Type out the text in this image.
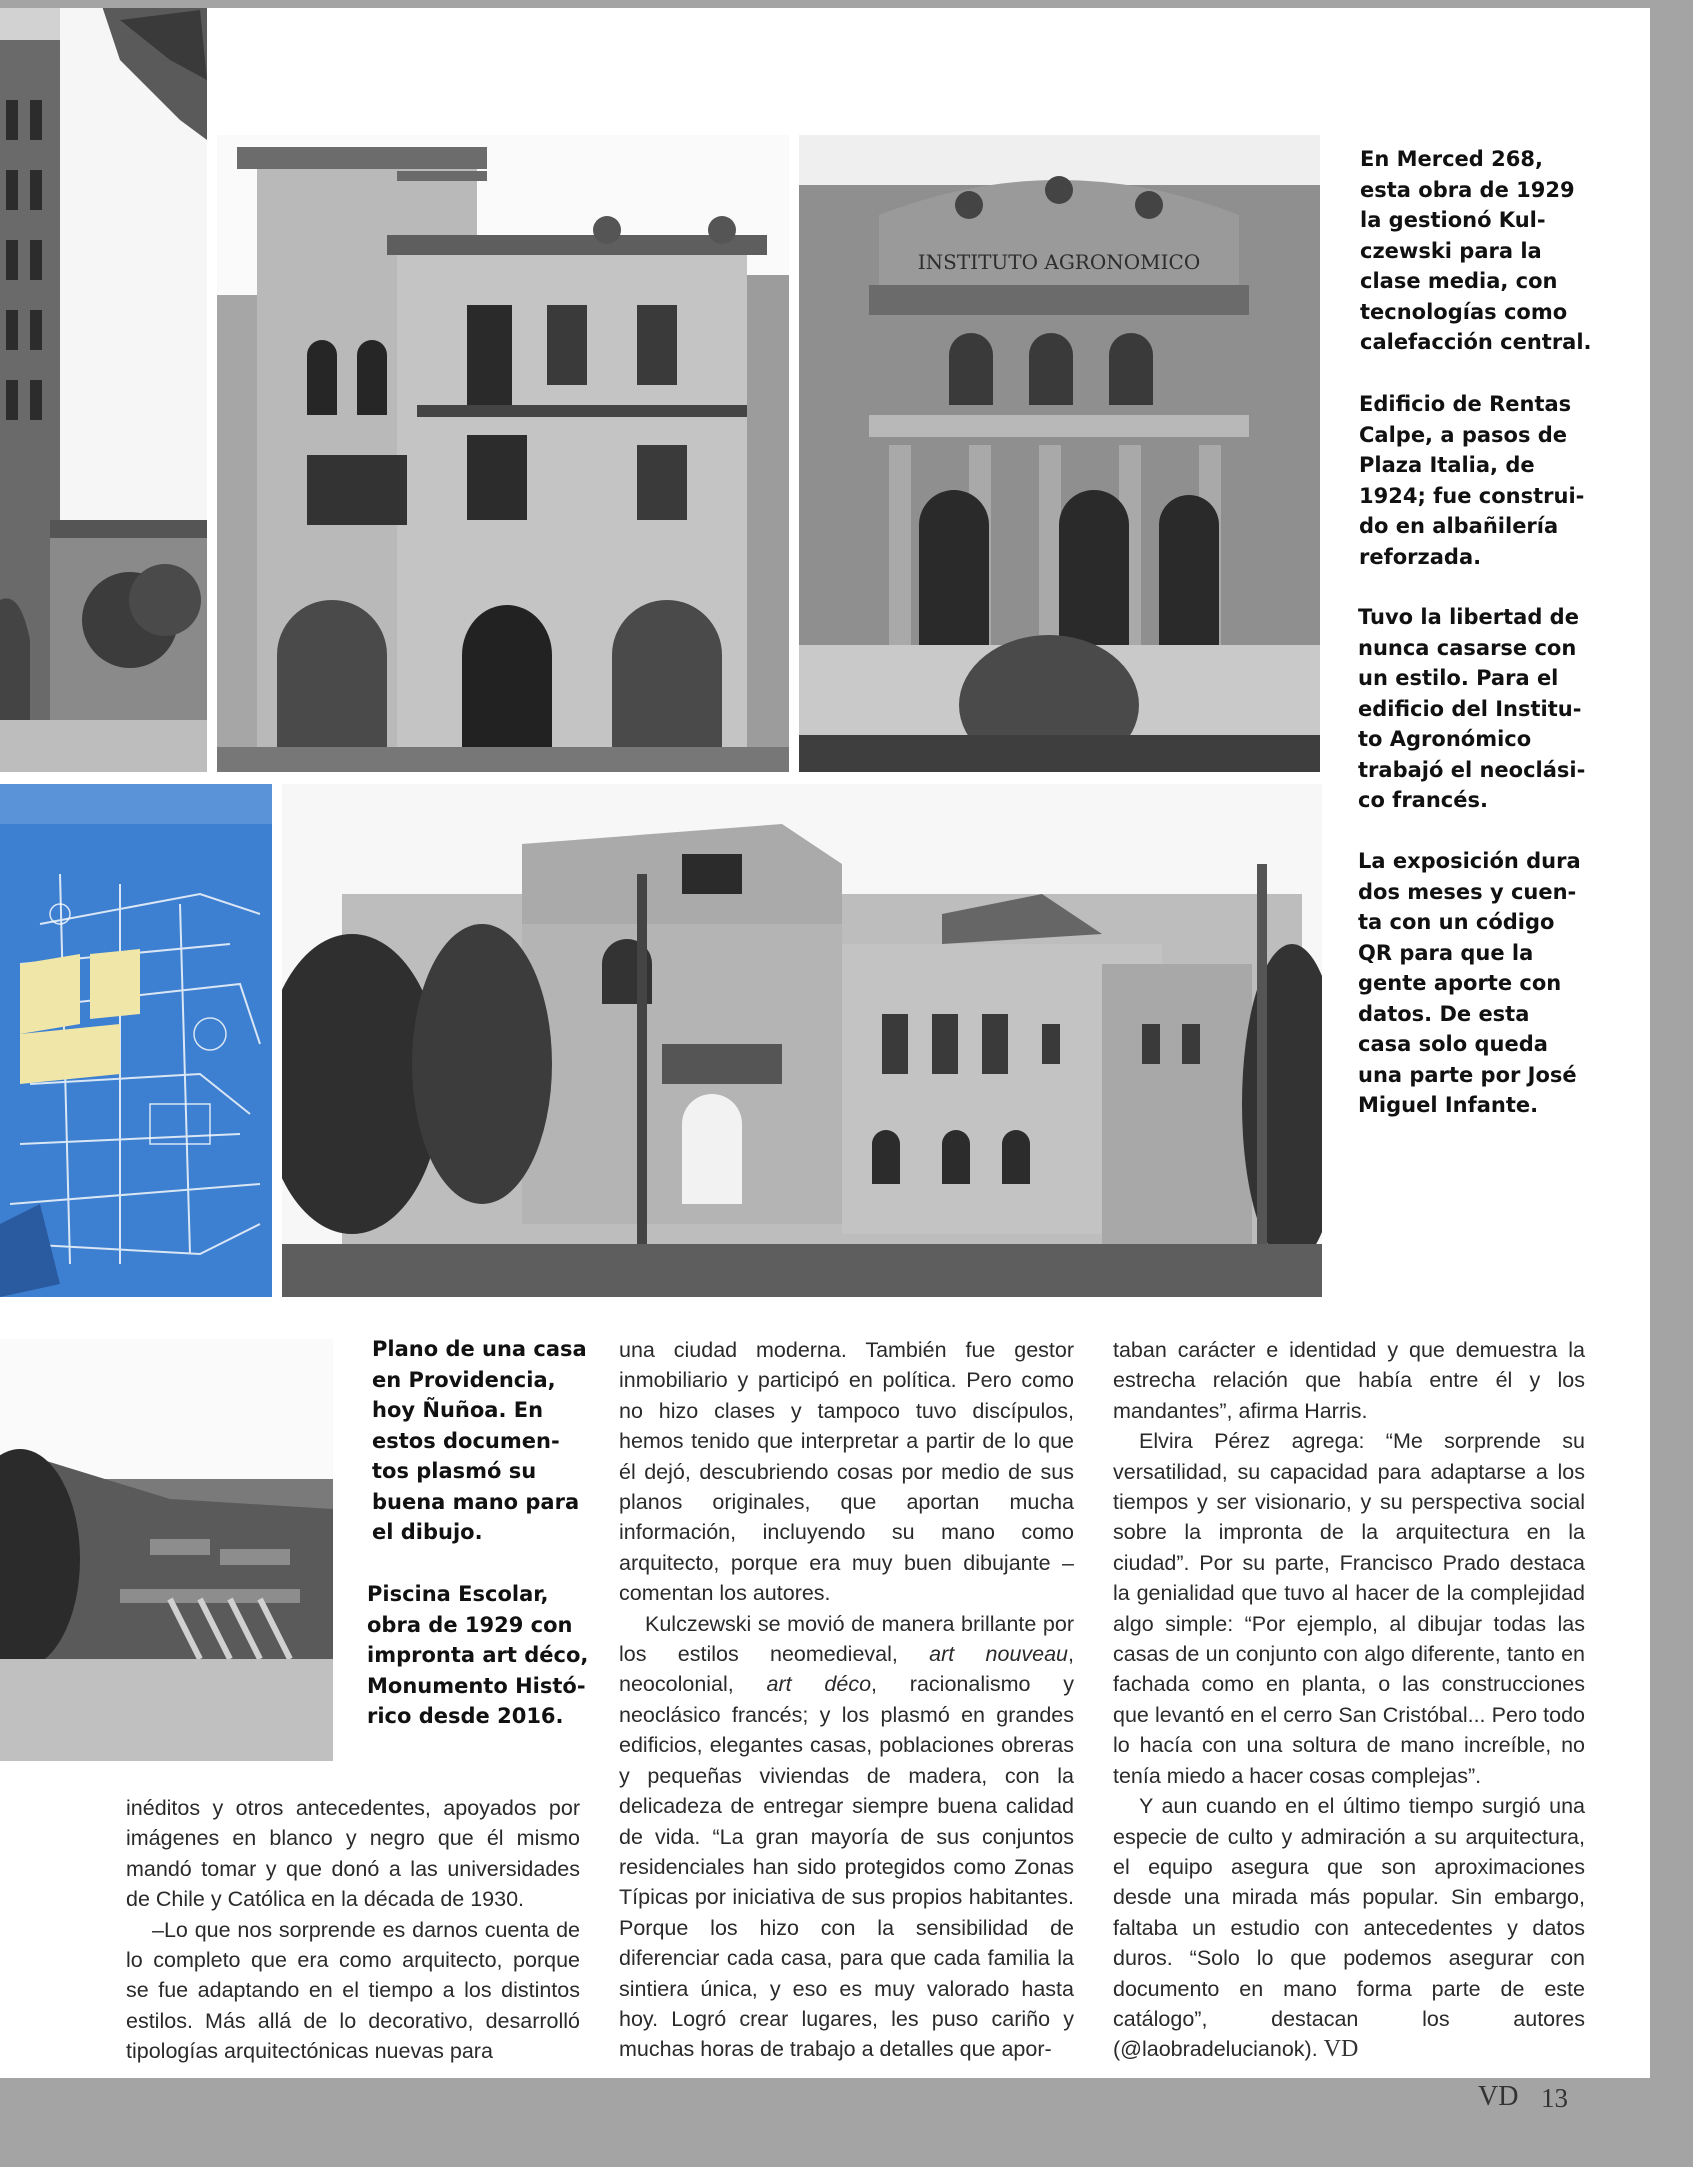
INSTITUTO AGRONOMICO

En Merced 268,
esta obra de 1929
la gestionó Kul-
czewski para la
clase media, con
tecnologías como
calefacción central.

Edificio de Rentas
Calpe, a pasos de
Plaza Italia, de
1924; fue construi-
do en albañilería
reforzada.

Tuvo la libertad de
nunca casarse con
un estilo. Para el
edificio del Institu-
to Agronómico
trabajó el neoclási-
co francés.

La exposición dura
dos meses y cuen-
ta con un código
QR para que la
gente aporte con
datos. De esta
casa solo queda
una parte por José
Miguel Infante.

Plano de una casa
en Providencia,
hoy Ñuñoa. En
estos documen-
tos plasmó su
buena mano para
el dibujo.

Piscina Escolar,
obra de 1929 con
impronta art déco,
Monumento Histó-
rico desde 2016.

inéditos y otros antecedentes, apoyados por imágenes en blanco y negro que él mismo mandó tomar y que donó a las universidades de Chile y Católica en la década de 1930.

–Lo que nos sorprende es darnos cuenta de lo completo que era como arquitecto, porque se fue adaptando en el tiempo a los distintos estilos. Más allá de lo decorativo, desarrolló tipologías arquitectónicas nuevas para

una ciudad moderna. También fue gestor inmobiliario y participó en política. Pero como no hizo clases y tampoco tuvo discípulos, hemos tenido que interpretar a partir de lo que él dejó, descubriendo cosas por medio de sus planos originales, que aportan mucha información, incluyendo su mano como arquitecto, porque era muy buen dibujante –comentan los autores.

Kulczewski se movió de manera brillante por los estilos neomedieval, art nouveau, neocolonial, art déco, racionalismo y neoclásico francés; y los plasmó en grandes edificios, elegantes casas, poblaciones obreras y pequeñas viviendas de madera, con la delicadeza de entregar siempre buena calidad de vida. “La gran mayoría de sus conjuntos residenciales han sido protegidos como Zonas Típicas por iniciativa de sus propios habitantes. Porque los hizo con la sensibilidad de diferenciar cada casa, para que cada familia la sintiera única, y eso es muy valorado hasta hoy. Logró crear lugares, les puso cariño y muchas horas de trabajo a detalles que apor-

taban carácter e identidad y que demuestra la estrecha relación que había entre él y los mandantes”, afirma Harris.

Elvira Pérez agrega: “Me sorprende su versatilidad, su capacidad para adaptarse a los tiempos y ser visionario, y su perspectiva social sobre la impronta de la arquitectura en la ciudad”. Por su parte, Francisco Prado destaca la genialidad que tuvo al hacer de la complejidad algo simple: “Por ejemplo, al dibujar todas las casas de un conjunto con algo diferente, tanto en fachada como en planta, o las construcciones que levantó en el cerro San Cristóbal... Pero todo lo hacía con una soltura de mano increíble, no tenía miedo a hacer cosas complejas”.

Y aun cuando en el último tiempo surgió una especie de culto y admiración a su arquitectura, el equipo asegura que son aproximaciones desde una mirada más popular. Sin embargo, faltaba un estudio con antecedentes y datos duros. “Solo lo que podemos asegurar con documento en mano forma parte de este catálogo”, destacan los autores (@laobradelucianok). VD

VD 13
